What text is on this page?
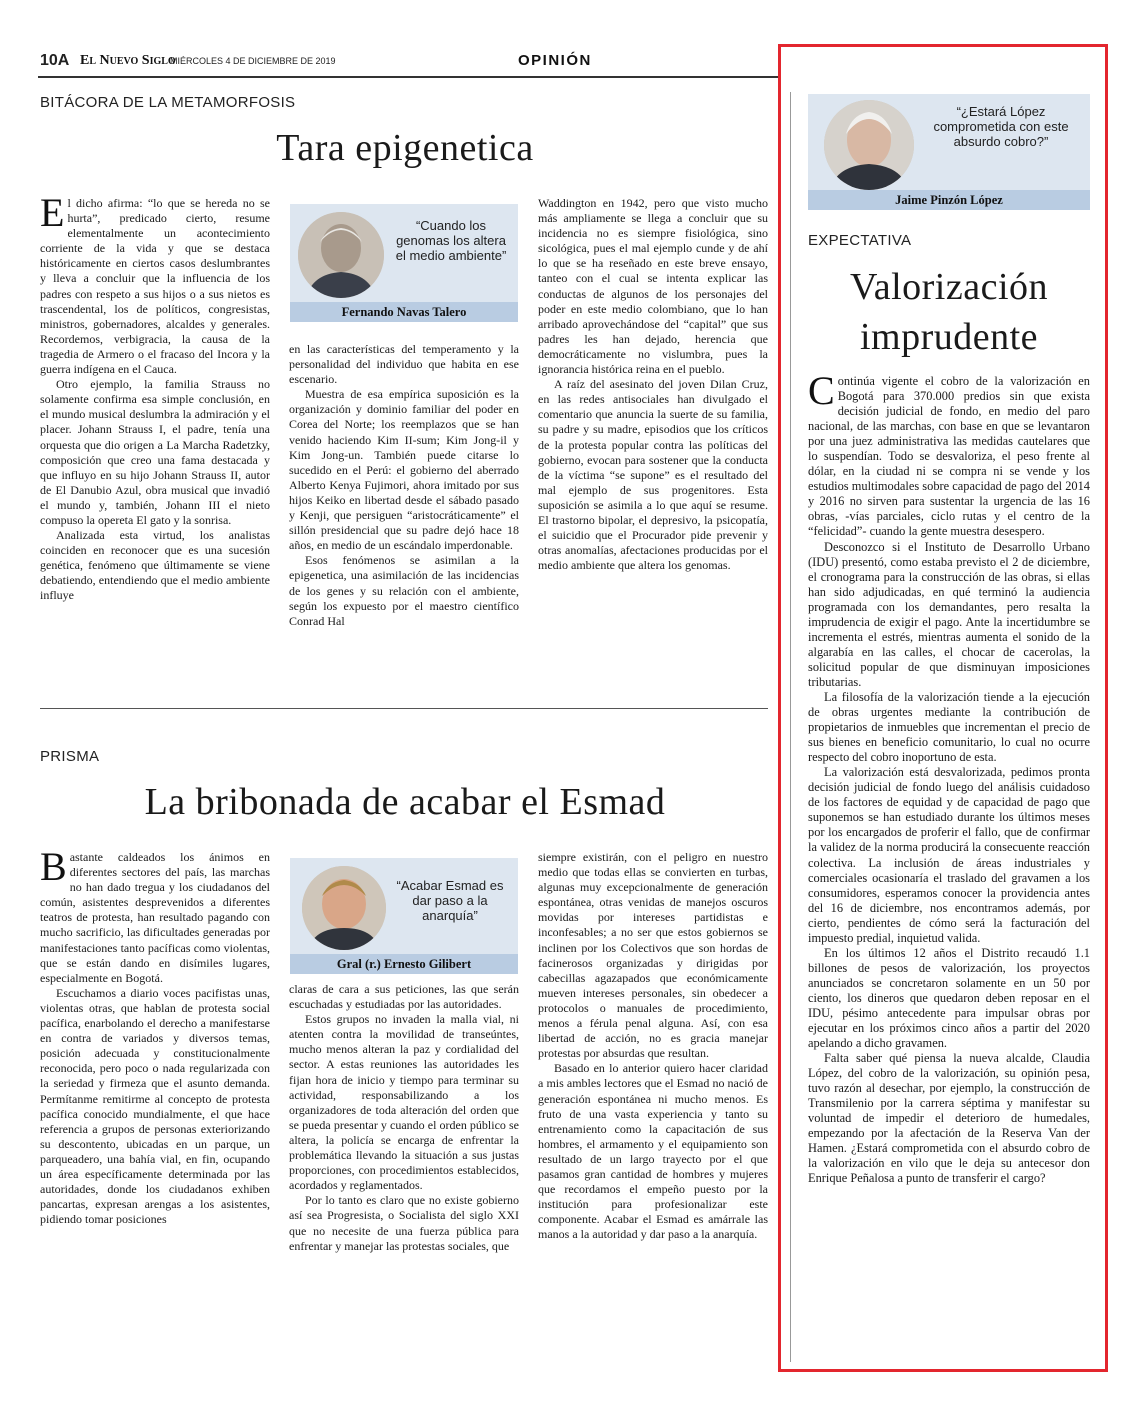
10A El Nuevo Siglo
MIÉRCOLES 4 DE DICIEMBRE DE 2019	OPINIÓN
BITÁCORA DE LA METAMORFOSIS
Tara epigenetica

El dicho afirma: “lo que se hereda no se hurta”, predicado cierto, resume elementalmente un acontecimiento corriente de la vida y que se destaca históricamente en ciertos casos deslumbrantes y lleva a concluir que la influencia de los padres con respeto a sus hijos o a sus nietos es trascendental, los de políticos, congresistas, ministros, gobernadores, alcaldes y generales. Recordemos, verbigracia, la causa de la tragedia de Armero o el fracaso del Incora y la guerra indígena en el Cauca.

Otro ejemplo, la familia Strauss no solamente confirma esa simple conclusión, en el mundo musical deslumbra la admiración y el placer. Johann Strauss I, el padre, tenía una orquesta que dio origen a La Marcha Radetzky, composición que creo una fama destacada y que influyo en su hijo Johann Strauss II, autor de El Danubio Azul, obra musical que invadió el mundo y, también, Johann III el nieto compuso la opereta El gato y la sonrisa.

Analizada esta virtud, los analistas coinciden en reconocer que es una sucesión genética, fenómeno que últimamente se viene debatiendo, entendiendo que el medio ambiente influye

“Cuando los genomas los altera el medio ambiente”
Fernando Navas Talero

en las características del temperamento y la personalidad del individuo que habita en ese escenario.

Muestra de esa empírica suposición es la organización y dominio familiar del poder en Corea del Norte; los reemplazos que se han venido haciendo Kim II-sum; Kim Jong-il y Kim Jong-un. También puede citarse lo sucedido en el Perú: el gobierno del aberrado Alberto Kenya Fujimori, ahora imitado por sus hijos Keiko en libertad desde el sábado pasado y Kenji, que persiguen “aristocráticamente” el sillón presidencial que su padre dejó hace 18 años, en medio de un escándalo imperdonable.

Esos fenómenos se asimilan a la epigenetica, una asimilación de las incidencias de los genes y su relación con el ambiente, según los expuesto por el maestro científico Conrad Hal

Waddington en 1942, pero que visto mucho más ampliamente se llega a concluir que su incidencia no es siempre fisiológica, sino sicológica, pues el mal ejemplo cunde y de ahí lo que se ha reseñado en este breve ensayo, tanteo con el cual se intenta explicar las conductas de algunos de los personajes del poder en este medio colombiano, que lo han arribado aprovechándose del “capital” que sus padres les han dejado, herencia que democráticamente no vislumbra, pues la ignorancia histórica reina en el pueblo.

A raíz del asesinato del joven Dilan Cruz, en las redes antisociales han divulgado el comentario que anuncia la suerte de su familia, su padre y su madre, episodios que los críticos de la protesta popular contra las políticas del gobierno, evocan para sostener que la conducta de la víctima “se supone” es el resultado del mal ejemplo de sus progenitores. Esta suposición se asimila a lo que aquí se resume. El trastorno bipolar, el depresivo, la psicopatía, el suicidio que el Procurador pide prevenir y otras anomalías, afectaciones producidas por el medio ambiente que altera los genomas.

PRISMA
La bribonada de acabar el Esmad

Bastante caldeados los ánimos en diferentes sectores del país, las marchas no han dado tregua y los ciudadanos del común, asistentes desprevenidos a diferentes teatros de protesta, han resultado pagando con mucho sacrificio, las dificultades generadas por manifestaciones tanto pacíficas como violentas, que se están dando en disímiles lugares, especialmente en Bogotá.

Escuchamos a diario voces pacifistas unas, violentas otras, que hablan de protesta social pacífica, enarbolando el derecho a manifestarse en contra de variados y diversos temas, posición adecuada y constitucionalmente reconocida, pero poco o nada regularizada con la seriedad y firmeza que el asunto demanda. Permítanme remitirme al concepto de protesta pacífica conocido mundialmente, el que hace referencia a grupos de personas exteriorizando su descontento, ubicadas en un parque, un parqueadero, una bahía vial, en fin, ocupando un área específicamente determinada por las autoridades, donde los ciudadanos exhiben pancartas, expresan arengas a los asistentes, pidiendo tomar posiciones

“Acabar Esmad es dar paso a la anarquía”
Gral (r.) Ernesto Gilibert

claras de cara a sus peticiones, las que serán escuchadas y estudiadas por las autoridades.

Estos grupos no invaden la malla vial, ni atenten contra la movilidad de transeúntes, mucho menos alteran la paz y cordialidad del sector. A estas reuniones las autoridades les fijan hora de inicio y tiempo para terminar su actividad, responsabilizando a los organizadores de toda alteración del orden que se pueda presentar y cuando el orden público se altera, la policía se encarga de enfrentar la problemática llevando la situación a sus justas proporciones, con procedimientos establecidos, acordados y reglamentados.

Por lo tanto es claro que no existe gobierno así sea Progresista, o Socialista del siglo XXI que no necesite de una fuerza pública para enfrentar y manejar las protestas sociales, que

siempre existirán, con el peligro en nuestro medio que todas ellas se convierten en turbas, algunas muy excepcionalmente de generación espontánea, otras venidas de manejos oscuros movidas por intereses partidistas e inconfesables; a no ser que estos gobiernos se inclinen por los Colectivos que son hordas de facinerosos organizadas y dirigidas por cabecillas agazapados que económicamente mueven intereses personales, sin obedecer a protocolos o manuales de procedimiento, menos a férula penal alguna. Así, con esa libertad de acción, no es gracia manejar protestas por absurdas que resultan.

Basado en lo anterior quiero hacer claridad a mis ambles lectores que el Esmad no nació de generación espontánea ni mucho menos. Es fruto de una vasta experiencia y tanto su entrenamiento como la capacitación de sus hombres, el armamento y el equipamiento son resultado de un largo trayecto por el que pasamos gran cantidad de hombres y mujeres que recordamos el empeño puesto por la institución para profesionalizar este componente. Acabar el Esmad es amárrale las manos a la autoridad y dar paso a la anarquía.

“¿Estará López comprometida con este absurdo cobro?”
Jaime Pinzón López
EXPECTATIVA
Valorización imprudente

Continúa vigente el cobro de la valorización en Bogotá para 370.000 predios sin que exista decisión judicial de fondo, en medio del paro nacional, de las marchas, con base en que se levantaron por una juez administrativa las medidas cautelares que lo suspendían. Todo se desvaloriza, el peso frente al dólar, en la ciudad ni se compra ni se vende y los estudios multimodales sobre capacidad de pago del 2014 y 2016 no sirven para sustentar la urgencia de las 16 obras, -vías parciales, ciclo rutas y el centro de la “felicidad”- cuando la gente muestra desespero.

Desconozco si el Instituto de Desarrollo Urbano (IDU) presentó, como estaba previsto el 2 de diciembre, el cronograma para la construcción de las obras, si ellas han sido adjudicadas, en qué terminó la audiencia programada con los demandantes, pero resalta la imprudencia de exigir el pago. Ante la incertidumbre se incrementa el estrés, mientras aumenta el sonido de la algarabía en las calles, el chocar de cacerolas, la solicitud popular de que disminuyan imposiciones tributarias.

La filosofía de la valorización tiende a la ejecución de obras urgentes mediante la contribución de propietarios de inmuebles que incrementan el precio de sus bienes en beneficio comunitario, lo cual no ocurre respecto del cobro inoportuno de esta.

La valorización está desvalorizada, pedimos pronta decisión judicial de fondo luego del análisis cuidadoso de los factores de equidad y de capacidad de pago que suponemos se han estudiado durante los últimos meses por los encargados de proferir el fallo, que de confirmar la validez de la norma producirá la consecuente reacción colectiva. La inclusión de áreas industriales y comerciales ocasionaría el traslado del gravamen a los consumidores, esperamos conocer la providencia antes del 16 de diciembre, nos encontramos además, por cierto, pendientes de cómo será la facturación del impuesto predial, inquietud valida.

En los últimos 12 años el Distrito recaudó 1.1 billones de pesos de valorización, los proyectos anunciados se concretaron solamente en un 50 por ciento, los dineros que quedaron deben reposar en el IDU, pésimo antecedente para impulsar obras por ejecutar en los próximos cinco años a partir del 2020 apelando a dicho gravamen.

Falta saber qué piensa la nueva alcalde, Claudia López, del cobro de la valorización, su opinión pesa, tuvo razón al desechar, por ejemplo, la construcción de Transmilenio por la carrera séptima y manifestar su voluntad de impedir el deterioro de humedales, empezando por la afectación de la Reserva Van der Hamen. ¿Estará comprometida con el absurdo cobro de la valorización en vilo que le deja su antecesor don Enrique Peñalosa a punto de transferir el cargo?
